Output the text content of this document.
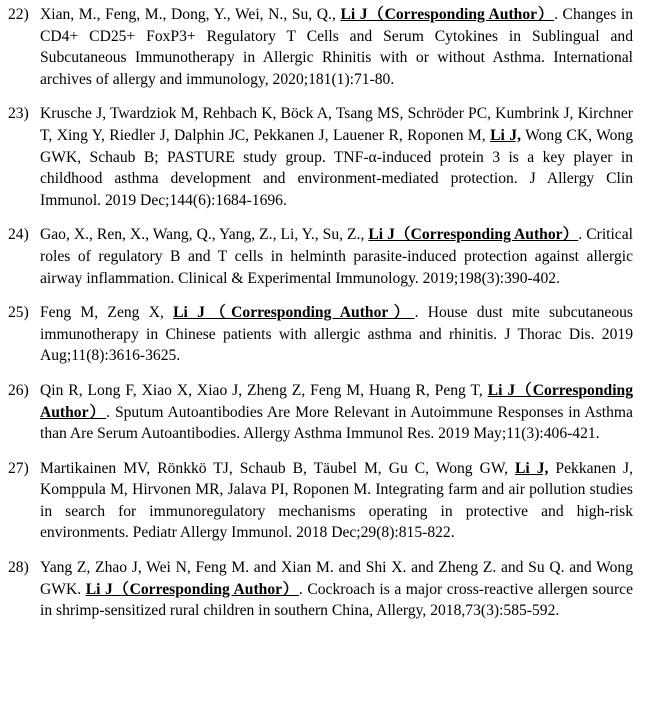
22) Xian, M., Feng, M., Dong, Y., Wei, N., Su, Q., Li J（Corresponding Author）. Changes in CD4+ CD25+ FoxP3+ Regulatory T Cells and Serum Cytokines in Sublingual and Subcutaneous Immunotherapy in Allergic Rhinitis with or without Asthma. International archives of allergy and immunology, 2020;181(1):71-80.
23) Krusche J, Twardziok M, Rehbach K, Böck A, Tsang MS, Schröder PC, Kumbrink J, Kirchner T, Xing Y, Riedler J, Dalphin JC, Pekkanen J, Lauener R, Roponen M, Li J, Wong CK, Wong GWK, Schaub B; PASTURE study group. TNF-α-induced protein 3 is a key player in childhood asthma development and environment-mediated protection. J Allergy Clin Immunol. 2019 Dec;144(6):1684-1696.
24) Gao, X., Ren, X., Wang, Q., Yang, Z., Li, Y., Su, Z., Li J（Corresponding Author）. Critical roles of regulatory B and T cells in helminth parasite-induced protection against allergic airway inflammation. Clinical & Experimental Immunology. 2019;198(3):390-402.
25) Feng M, Zeng X, Li J（Corresponding Author）. House dust mite subcutaneous immunotherapy in Chinese patients with allergic asthma and rhinitis. J Thorac Dis. 2019 Aug;11(8):3616-3625.
26) Qin R, Long F, Xiao X, Xiao J, Zheng Z, Feng M, Huang R, Peng T, Li J（Corresponding Author）. Sputum Autoantibodies Are More Relevant in Autoimmune Responses in Asthma than Are Serum Autoantibodies. Allergy Asthma Immunol Res. 2019 May;11(3):406-421.
27) Martikainen MV, Rönkkö TJ, Schaub B, Täubel M, Gu C, Wong GW, Li J, Pekkanen J, Komppula M, Hirvonen MR, Jalava PI, Roponen M. Integrating farm and air pollution studies in search for immunoregulatory mechanisms operating in protective and high-risk environments. Pediatr Allergy Immunol. 2018 Dec;29(8):815-822.
28) Yang Z, Zhao J, Wei N, Feng M. and Xian M. and Shi X. and Zheng Z. and Su Q. and Wong GWK. Li J（Corresponding Author）. Cockroach is a major cross-reactive allergen source in shrimp-sensitized rural children in southern China, Allergy, 2018,73(3):585-592.
